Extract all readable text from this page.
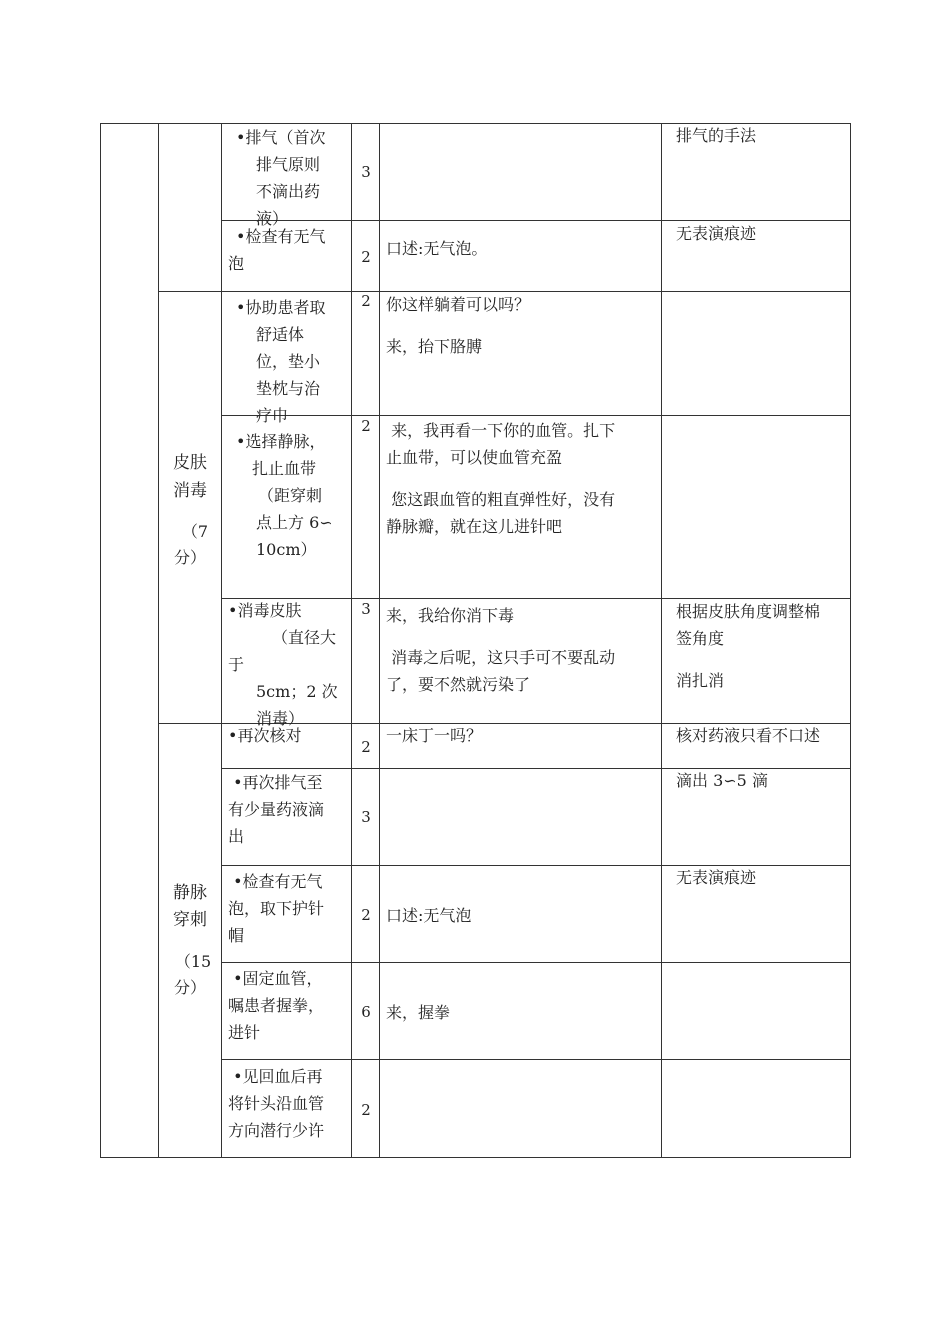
皮肤
消毒
（7
分）
静脉
穿刺
（15
分）
•排气（首次
排气原则
不滴出药
液）
3
排气的手法
•检查有无气
泡	2 口述:无气泡。
无表演痕迹
•协助患者取
舒适体
位，垫小
垫枕与治
疗巾
2 你这样躺着可以吗？
来，抬下胳膊
•选择静脉，
扎止血带
（距穿刺
点上方 6∽
10cm）
2 来，我再看一下你的血管。扎下
止血带，可以使血管充盈
您这跟血管的粗直弹性好，没有
静脉瓣，就在这儿进针吧
•消毒皮肤
（直径大
于
5cm；2 次
消毒）
3 来，我给你消下毒
消毒之后呢，这只手可不要乱动
了，要不然就污染了
根据皮肤角度调整棉
签角度
消扎消
•再次核对
2
一床丁一吗？	核对药液只看不口述
•再次排气至
有少量药液滴
出
3
滴出 3∽5 滴
•检查有无气
泡，取下护针
帽
2 口述:无气泡
无表演痕迹
•固定血管，
嘱患者握拳，
进针
6 来，握拳
•见回血后再
将针头沿血管
方向潜行少许
2
